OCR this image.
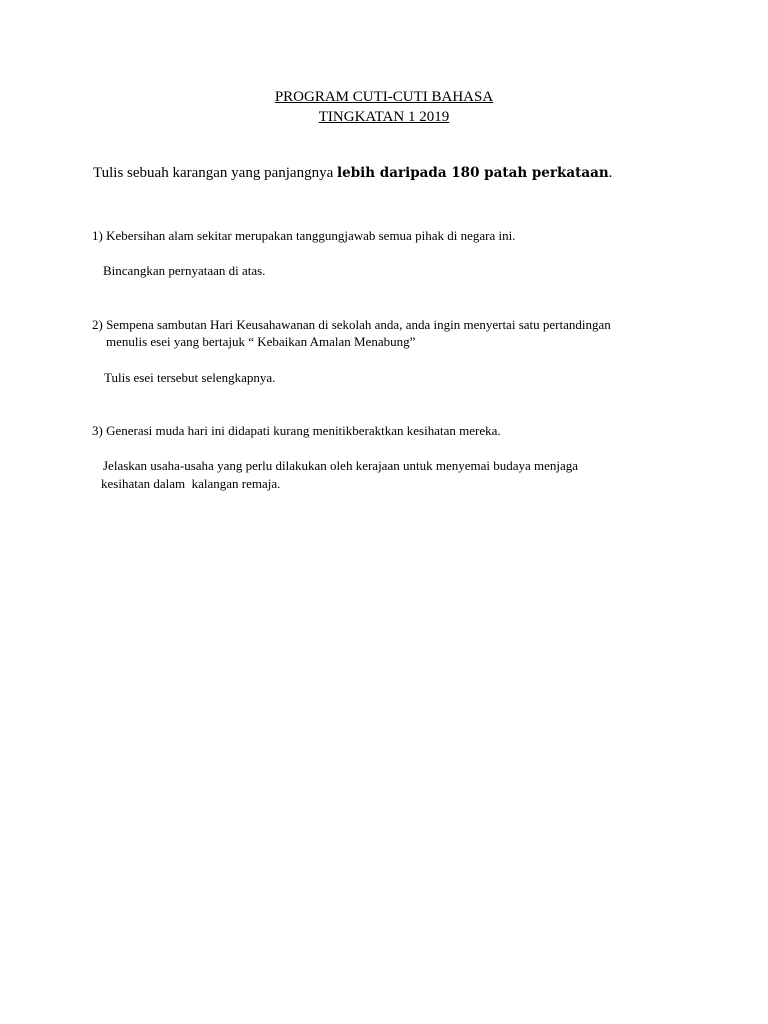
PROGRAM CUTI-CUTI BAHASA
TINGKATAN 1 2019
Tulis sebuah karangan yang panjangnya lebih daripada 180 patah perkataan.
1) Kebersihan alam sekitar merupakan tanggungjawab semua pihak di negara ini.
Bincangkan pernyataan di atas.
2) Sempena sambutan Hari Keusahawanan di sekolah anda, anda ingin menyertai satu pertandingan
menulis esei yang bertajuk “ Kebaikan Amalan Menabung”
Tulis esei tersebut selengkapnya.
3) Generasi muda hari ini didapati kurang menitikberaktkan kesihatan mereka.
Jelaskan usaha-usaha yang perlu dilakukan oleh kerajaan untuk menyemai budaya menjaga
kesihatan dalam  kalangan remaja.
